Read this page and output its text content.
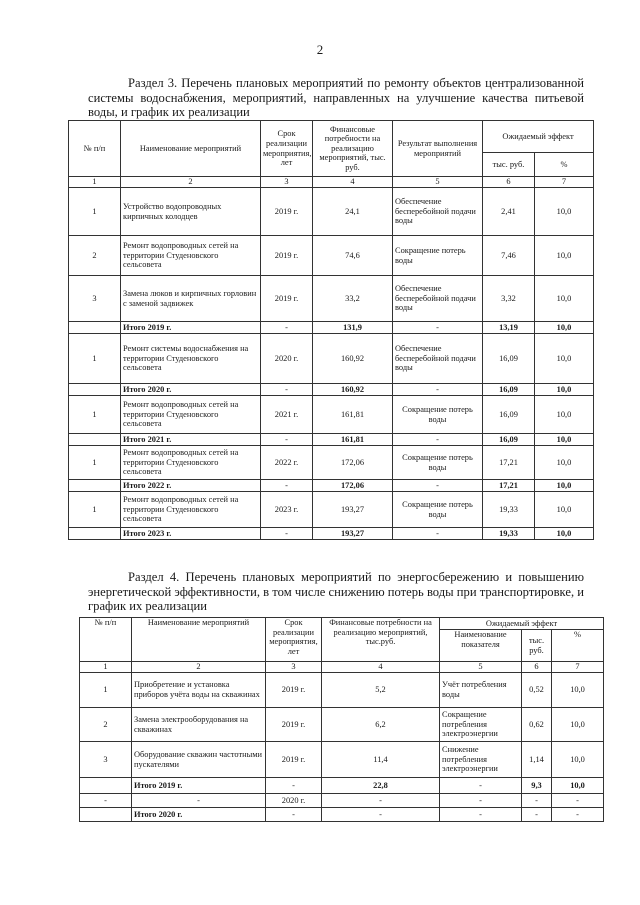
2
Раздел 3. Перечень плановых мероприятий по ремонту объектов централизованной системы водоснабжения, мероприятий, направленных на улучшение качества питьевой воды, и график их реализации
№ п/п	Наименование мероприятий	Срок реализации мероприятия, лет	Финансовые потребности на реализацию мероприятий, тыс. руб.	Результат выполнения мероприятий	Ожидаемый эффект	
					тыс. руб.	%
1	2	3	4	5	6	7
1	Устройство водопроводных кирпичных колодцев	2019 г.	24,1	Обеспечение бесперебойной подачи воды	2,41	10,0
2	Ремонт водопроводных сетей на территории Студеновского сельсовета	2019 г.	74,6	Сокращение потерь воды	7,46	10,0
3	Замена люков и кирпичных горловин с заменой задвижек	2019 г.	33,2	Обеспечение бесперебойной подачи воды	3,32	10,0
	Итого 2019 г.	-	131,9	-	13,19	10,0
1	Ремонт системы водоснабжения на территории Студеновского сельсовета	2020 г.	160,92	Обеспечение бесперебойной подачи воды	16,09	10,0
	Итого 2020 г.	-	160,92	-	16,09	10,0
1	Ремонт водопроводных сетей на территории Студеновского сельсовета	2021 г.	161,81	Сокращение потерь воды	16,09	10,0
	Итого 2021 г.	-	161,81	-	16,09	10,0
1	Ремонт водопроводных сетей на территории Студеновского сельсовета	2022 г.	172,06	Сокращение потерь воды	17,21	10,0
	Итого 2022 г.	-	172,06	-	17,21	10,0
1	Ремонт водопроводных сетей на территории Студеновского сельсовета	2023 г.	193,27	Сокращение потерь воды	19,33	10,0
	Итого 2023 г.	-	193,27	-	19,33	10,0
Раздел 4. Перечень плановых мероприятий по энергосбережению и повышению энергетической эффективности, в том числе снижению потерь воды при транспортировке, и график их реализации
№ п/п	Наименование мероприятий	Срок реализации мероприятия, лет	Финансовые потребности на реализацию мероприятий, тыс.руб.	Ожидаемый эффект		
				Наименование показателя	тыс. руб.	%
1	2	3	4	5	6	7
1	Приобретение и установка приборов учёта воды на скважинах	2019 г.	5,2	Учёт потребления воды	0,52	10,0
2	Замена электрооборудования на скважинах	2019 г.	6,2	Сокращение потребления электроэнергии	0,62	10,0
3	Оборудование скважин частотными пускателями	2019 г.	11,4	Снижение потребления электроэнергии	1,14	10,0
	Итого 2019 г.	-	22,8	-	9,3	10,0
-	-	2020 г.	-	-	-	-
	Итого 2020 г.	-	-	-	-	-
